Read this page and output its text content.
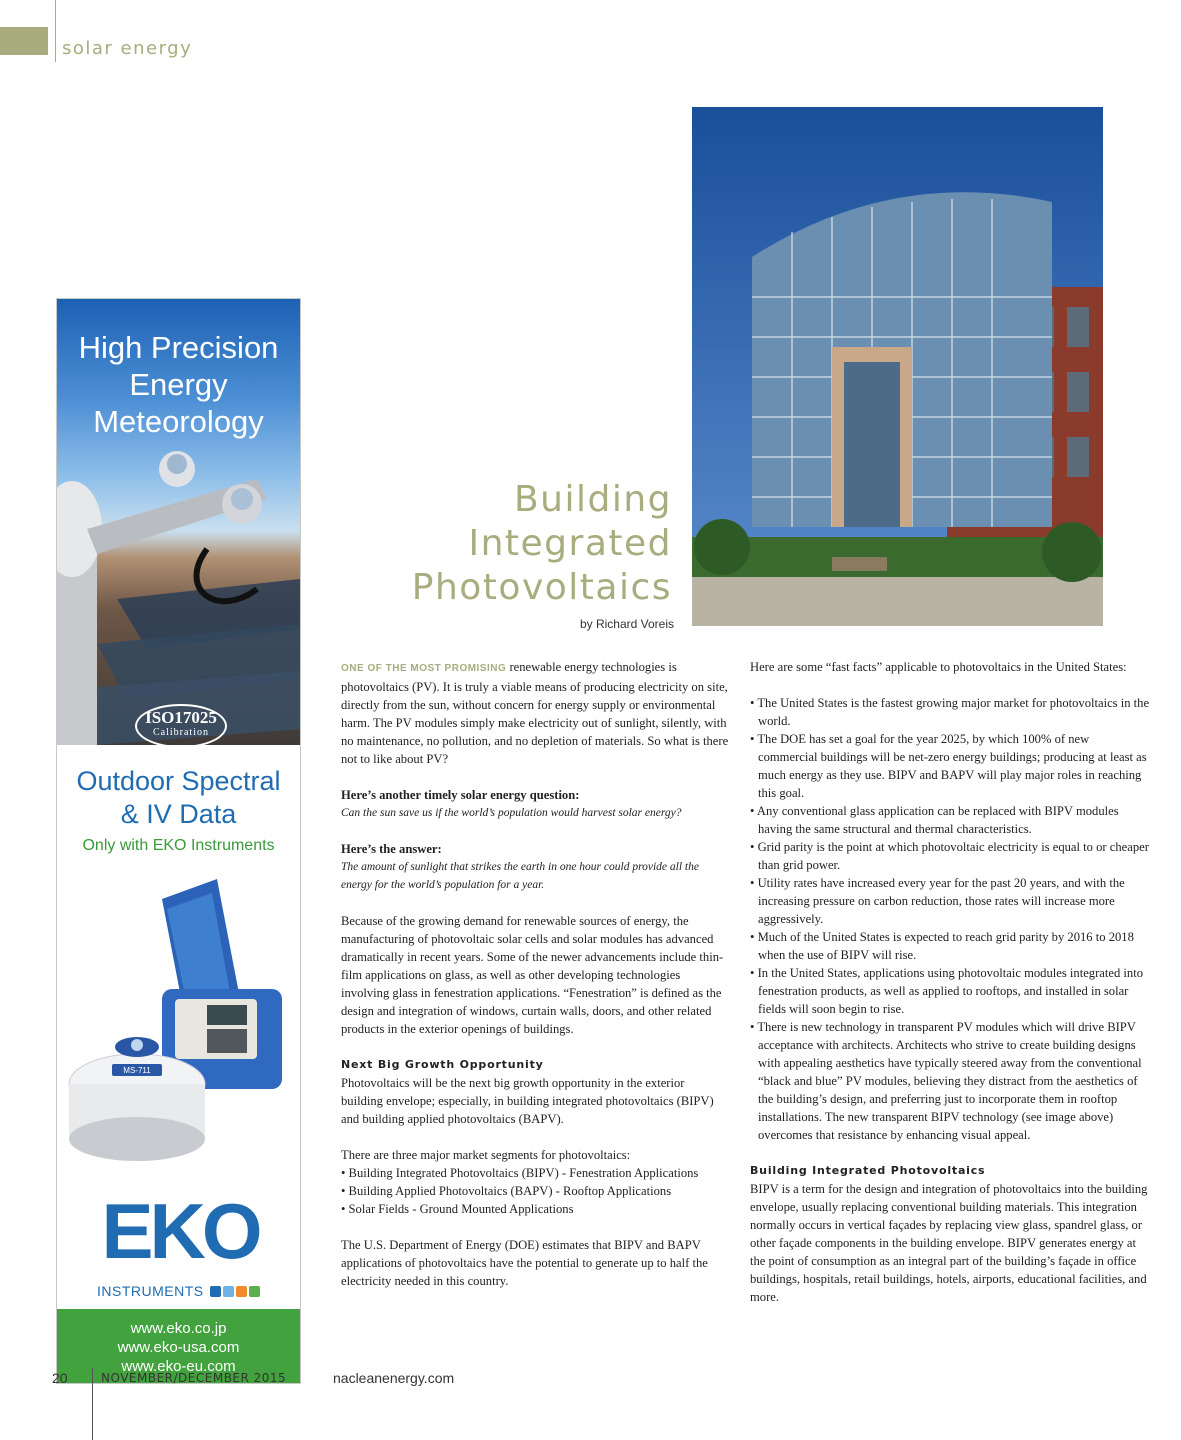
solar energy
High Precision
Energy
Meteorology
ISO17025
Calibration
Outdoor Spectral
& IV Data
Only with EKO Instruments
MS-711
EKO
INSTRUMENTS
www.eko.co.jp
www.eko-usa.com
www.eko-eu.com
Building
Integrated
Photovoltaics
by Richard Voreis

ONE OF THE MOST PROMISING renewable energy technologies is photovoltaics (PV). It is truly a viable means of producing electricity on site, directly from the sun, without concern for energy supply or environmental harm. The PV modules simply make electricity out of sunlight, silently, with no maintenance, no pollution, and no depletion of materials. So what is there not to like about PV?

Here’s another timely solar energy question:

Can the sun save us if the world’s population would harvest solar energy?

Here’s the answer:

The amount of sunlight that strikes the earth in one hour could provide all the energy for the world’s population for a year.

Because of the growing demand for renewable sources of energy, the manufacturing of photovoltaic solar cells and solar modules has advanced dramatically in recent years. Some of the newer advancements include thin-film applications on glass, as well as other developing technologies involving glass in fenestration applications. “Fenestration” is defined as the design and integration of windows, curtain walls, doors, and other related products in the exterior openings of buildings.

Next Big Growth Opportunity

Photovoltaics will be the next big growth opportunity in the exterior building envelope; especially, in building integrated photovoltaics (BIPV) and building applied photovoltaics (BAPV).

There are three major market segments for photovoltaics:

• Building Integrated Photovoltaics (BIPV) - Fenestration Applications

• Building Applied Photovoltaics (BAPV) - Rooftop Applications

• Solar Fields - Ground Mounted Applications

The U.S. Department of Energy (DOE) estimates that BIPV and BAPV applications of photovoltaics have the potential to generate up to half the electricity needed in this country.

Here are some “fast facts” applicable to photovoltaics in the United States:

• The United States is the fastest growing major market for photovoltaics in the world.
• The DOE has set a goal for the year 2025, by which 100% of new commercial buildings will be net-zero energy buildings; producing at least as much energy as they use. BIPV and BAPV will play major roles in reaching this goal.
• Any conventional glass application can be replaced with BIPV modules having the same structural and thermal characteristics.
• Grid parity is the point at which photovoltaic electricity is equal to or cheaper than grid power.
• Utility rates have increased every year for the past 20 years, and with the increasing pressure on carbon reduction, those rates will increase more aggressively.
• Much of the United States is expected to reach grid parity by 2016 to 2018 when the use of BIPV will rise.
• In the United States, applications using photovoltaic modules integrated into fenestration products, as well as applied to rooftops, and installed in solar fields will soon begin to rise.
• There is new technology in transparent PV modules which will drive BIPV acceptance with architects. Architects who strive to create building designs with appealing aesthetics have typically steered away from the conventional “black and blue” PV modules, believing they distract from the aesthetics of the building’s design, and preferring just to incorporate them in rooftop installations. The new transparent BIPV technology (see image above) overcomes that resistance by enhancing visual appeal.

Building Integrated Photovoltaics

BIPV is a term for the design and integration of photovoltaics into the building envelope, usually replacing conventional building materials. This integration normally occurs in vertical façades by replacing view glass, spandrel glass, or other façade components in the building envelope. BIPV generates energy at the point of consumption as an integral part of the building’s façade in office buildings, hospitals, retail buildings, hotels, airports, educational facilities, and more.

20	NOVEMBER/DECEMBER 2015	nacleanenergy.com
